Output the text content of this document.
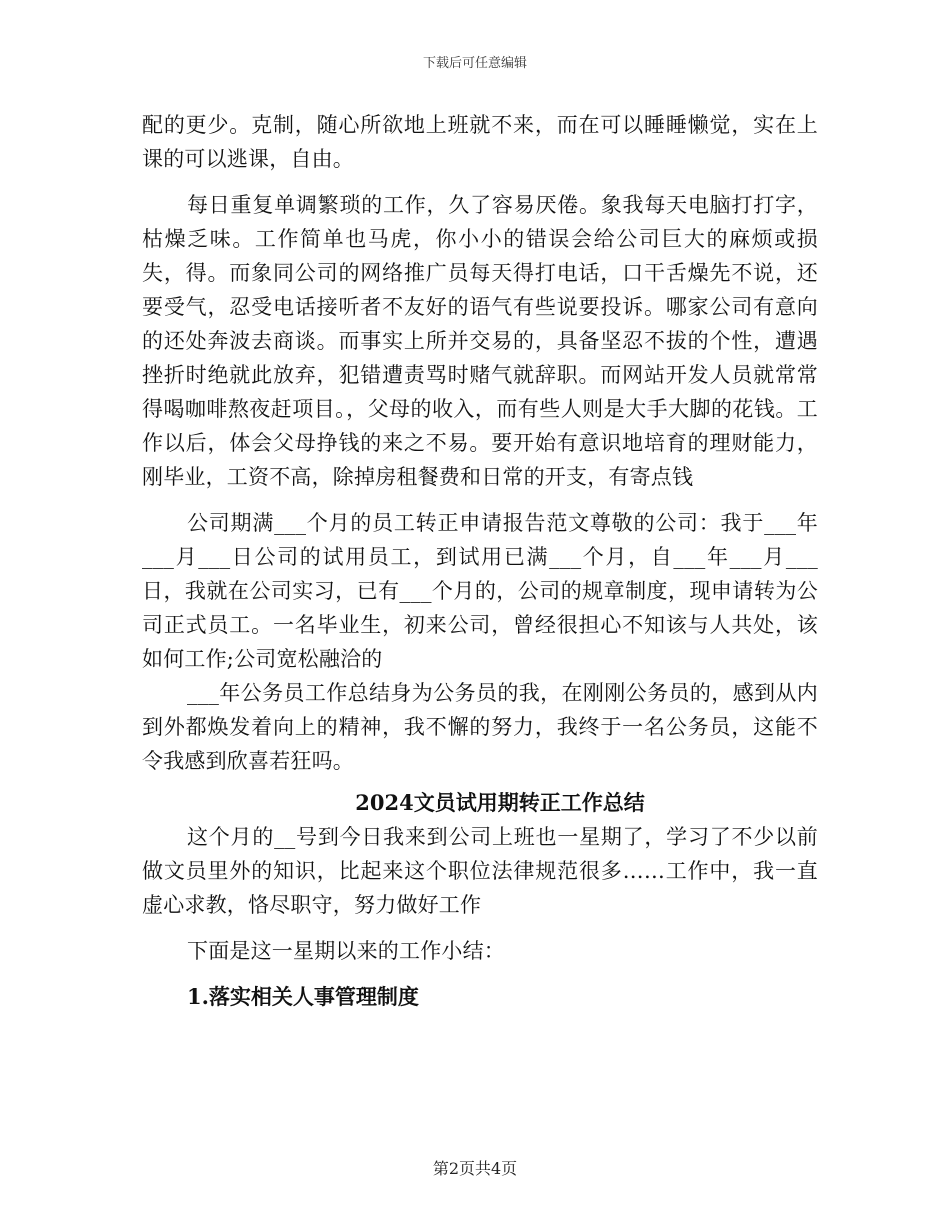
下载后可任意编辑

配的更少。克制，随心所欲地上班就不来，而在可以睡睡懒觉，实在上课的可以逃课，自由。

每日重复单调繁琐的工作，久了容易厌倦。象我每天电脑打打字，枯燥乏味。工作简单也马虎，你小小的错误会给公司巨大的麻烦或损失，得。而象同公司的网络推广员每天得打电话，口干舌燥先不说，还要受气，忍受电话接听者不友好的语气有些说要投诉。哪家公司有意向的还处奔波去商谈。而事实上所并交易的，具备坚忍不拔的个性，遭遇挫折时绝就此放弃，犯错遭责骂时赌气就辞职。而网站开发人员就常常得喝咖啡熬夜赶项目。，父母的收入，而有些人则是大手大脚的花钱。工作以后，体会父母挣钱的来之不易。要开始有意识地培育的理财能力，刚毕业，工资不高，除掉房租餐费和日常的开支，有寄点钱

公司期满___个月的员工转正申请报告范文尊敬的公司：我于___年___月___日公司的试用员工，到试用已满___个月，自___年___月___日，我就在公司实习，已有___个月的，公司的规章制度，现申请转为公司正式员工。一名毕业生，初来公司，曾经很担心不知该与人共处，该如何工作;公司宽松融洽的

___年公务员工作总结身为公务员的我，在刚刚公务员的，感到从内到外都焕发着向上的精神，我不懈的努力，我终于一名公务员，这能不令我感到欣喜若狂吗。

2024文员试用期转正工作总结

这个月的__号到今日我来到公司上班也一星期了，学习了不少以前做文员里外的知识，比起来这个职位法律规范很多……工作中，我一直虚心求教，恪尽职守，努力做好工作

下面是这一星期以来的工作小结：

1.落实相关人事管理制度
第2页共4页
